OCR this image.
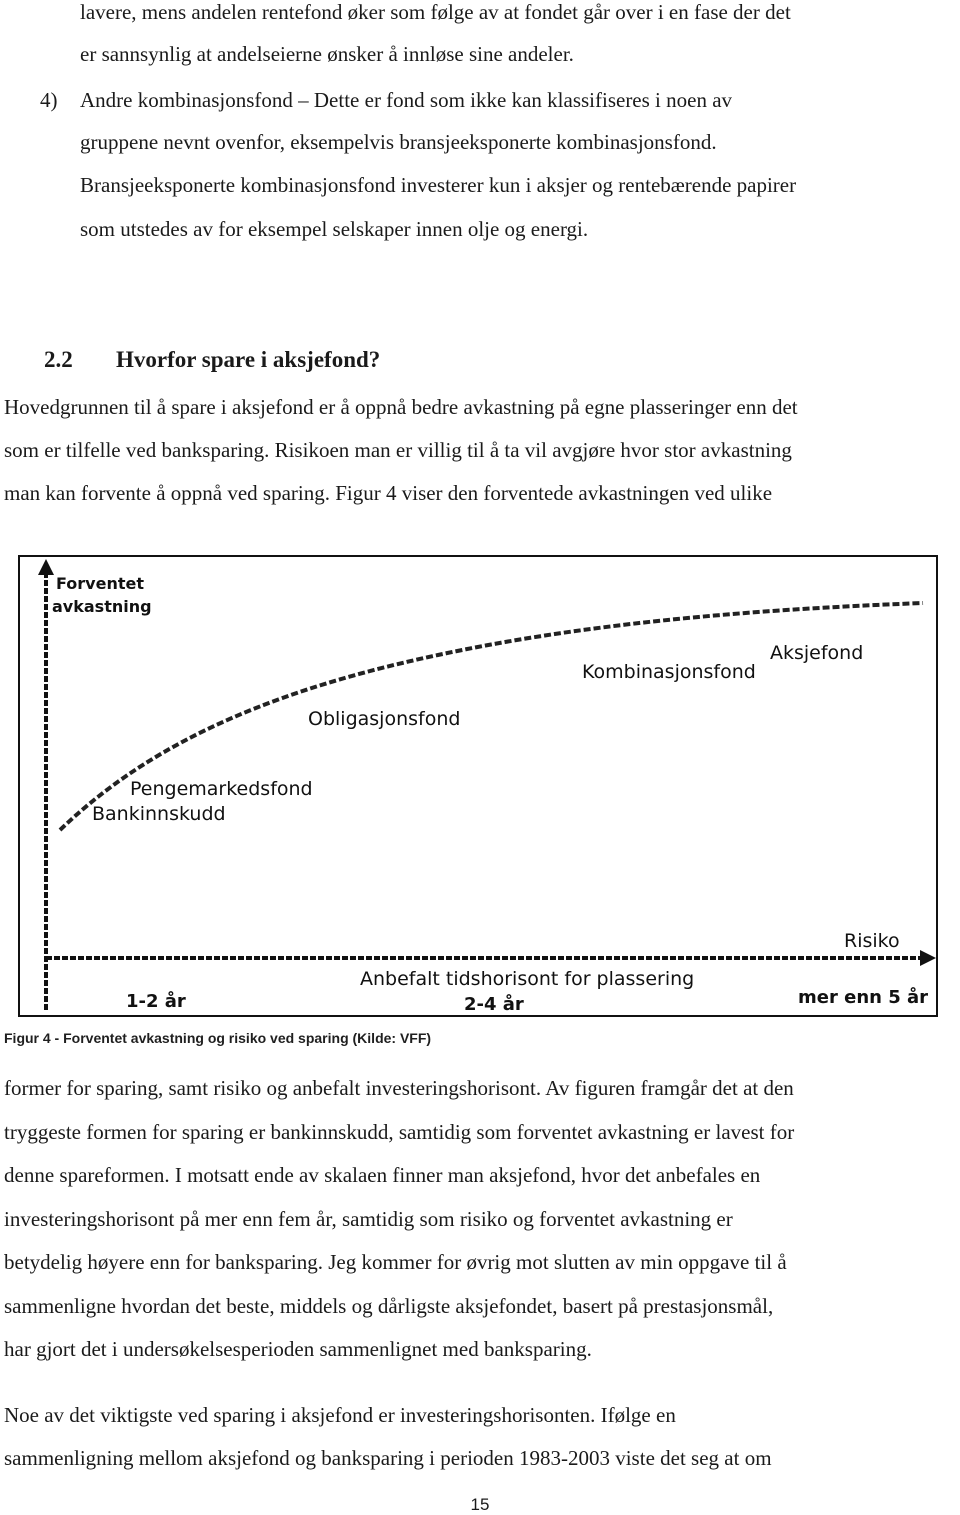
lavere, mens andelen rentefond øker som følge av at fondet går over i en fase der det
er sannsynlig at andelseierne ønsker å innløse sine andeler.
4) Andre kombinasjonsfond – Dette er fond som ikke kan klassifiseres i noen av
gruppene nevnt ovenfor, eksempelvis bransjeeksponerte kombinasjonsfond.
Bransjeeksponerte kombinasjonsfond investerer kun i aksjer og rentebærende papirer
som utstedes av for eksempel selskaper innen olje og energi.
2.2 Hvorfor spare i aksjefond?
Hovedgrunnen til å spare i aksjefond er å oppnå bedre avkastning på egne plasseringer enn det
som er tilfelle ved banksparing. Risikoen man er villig til å ta vil avgjøre hvor stor avkastning
man kan forvente å oppnå ved sparing. Figur 4 viser den forventede avkastningen ved ulike
Forventet
avkastning
Aksjefond
Kombinasjonsfond
Obligasjonsfond
Pengemarkedsfond
Bankinnskudd
Risiko
Anbefalt tidshorisont for plassering
1-2 år	2-4 år	mer enn 5 år
Figur 4 - Forventet avkastning og risiko ved sparing (Kilde: VFF)
former for sparing, samt risiko og anbefalt investeringshorisont. Av figuren framgår det at den
tryggeste formen for sparing er bankinnskudd, samtidig som forventet avkastning er lavest for
denne spareformen. I motsatt ende av skalaen finner man aksjefond, hvor det anbefales en
investeringshorisont på mer enn fem år, samtidig som risiko og forventet avkastning er
betydelig høyere enn for banksparing. Jeg kommer for øvrig mot slutten av min oppgave til å
sammenligne hvordan det beste, middels og dårligste aksjefondet, basert på prestasjonsmål,
har gjort det i undersøkelsesperioden sammenlignet med banksparing.
Noe av det viktigste ved sparing i aksjefond er investeringshorisonten. Ifølge en
sammenligning mellom aksjefond og banksparing i perioden 1983-2003 viste det seg at om
15
